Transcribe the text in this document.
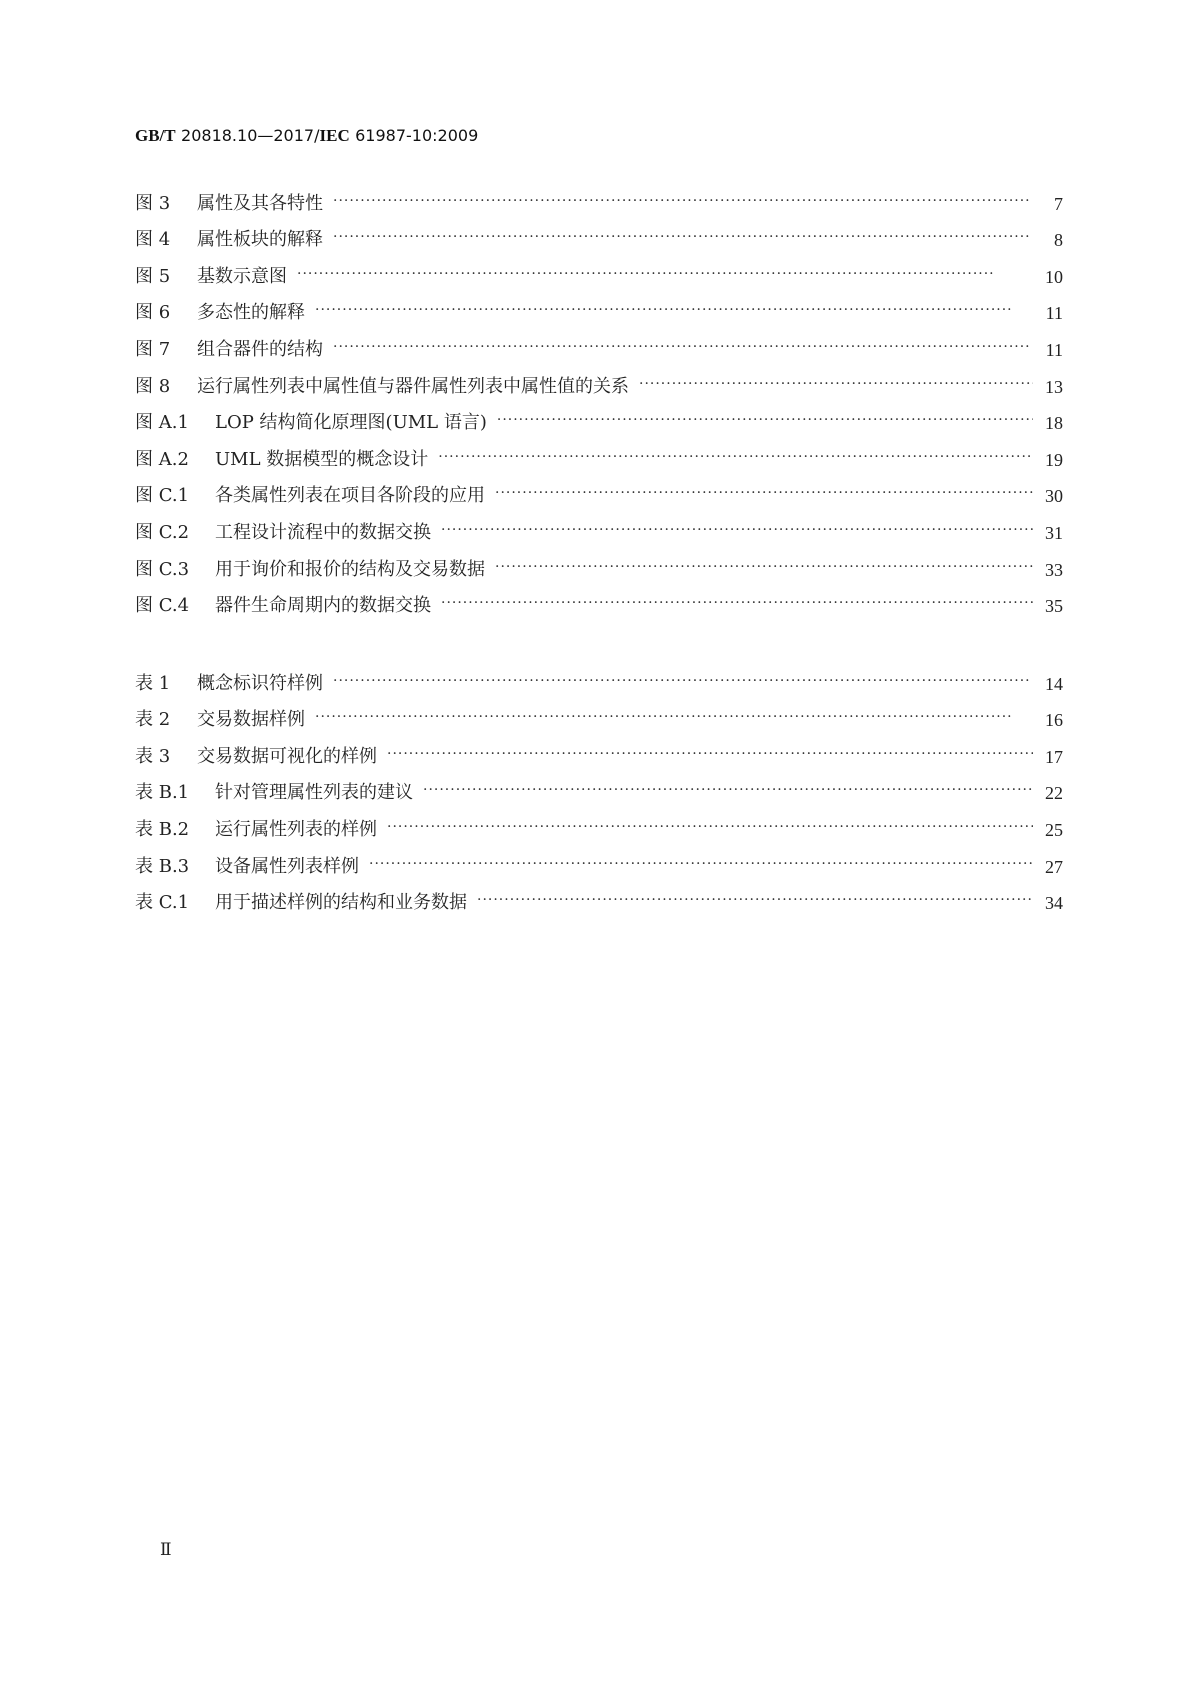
GB/T 20818.10—2017/IEC 61987-10:2009
图 3	属性及其各特性 ·····	7
图 4	属性板块的解释 ·····	8
图 5	基数示意图 ·····	10
图 6	多态性的解释 ·····	11
图 7	组合器件的结构 ·····	11
图 8	运行属性列表中属性值与器件属性列表中属性值的关系 ·····	13
图 A.1	LOP 结构简化原理图(UML 语言) ·····	18
图 A.2	UML 数据模型的概念设计 ·····	19
图 C.1	各类属性列表在项目各阶段的应用 ·····	30
图 C.2	工程设计流程中的数据交换 ·····	31
图 C.3	用于询价和报价的结构及交易数据 ·····	33
图 C.4	器件生命周期内的数据交换 ·····	35
表 1	概念标识符样例 ·····	14
表 2	交易数据样例 ·····	16
表 3	交易数据可视化的样例 ·····	17
表 B.1	针对管理属性列表的建议 ·····	22
表 B.2	运行属性列表的样例 ·····	25
表 B.3	设备属性列表样例 ·····	27
表 C.1	用于描述样例的结构和业务数据 ·····	34
Ⅱ
